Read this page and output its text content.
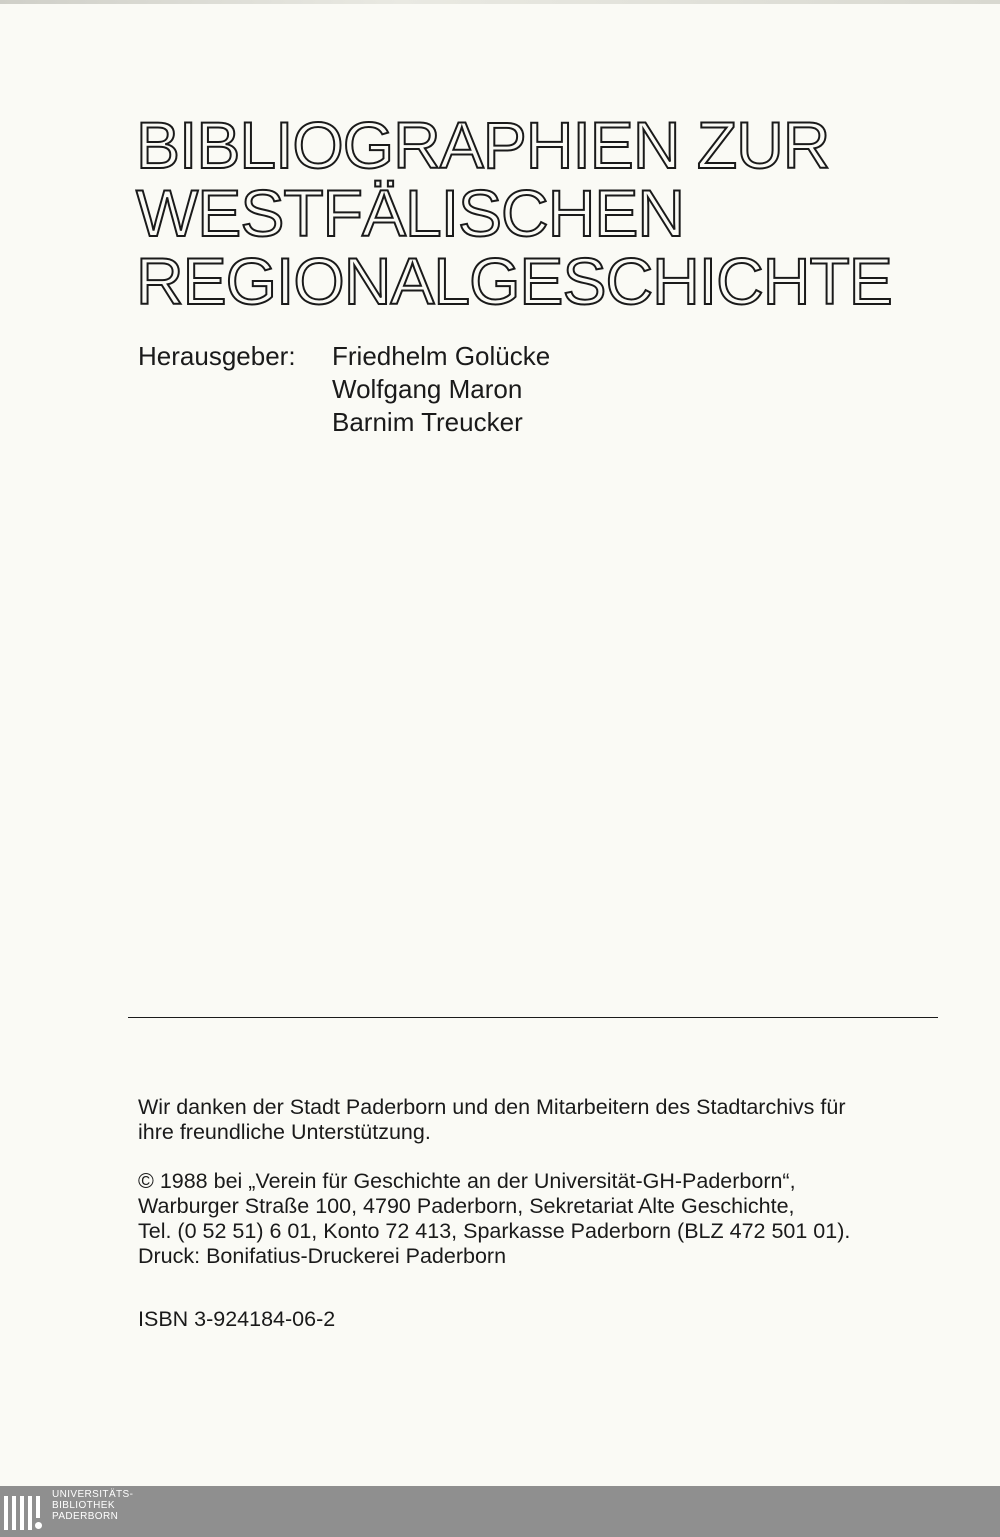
BIBLIOGRAPHIEN ZUR
WESTFÄLISCHEN
REGIONALGESCHICHTE
Herausgeber: Friedhelm Golücke
Wolfgang Maron
Barnim Treucker

Wir danken der Stadt Paderborn und den Mitarbeitern des Stadtarchivs für
ihre freundliche Unterstützung.

© 1988 bei „Verein für Geschichte an der Universität-GH-Paderborn“,
Warburger Straße 100, 4790 Paderborn, Sekretariat Alte Geschichte,
Tel. (0 52 51) 6 01, Konto 72 413, Sparkasse Paderborn (BLZ 472 501 01).
Druck: Bonifatius-Druckerei Paderborn

ISBN 3-924184-06-2

UNIVERSITÄTS-
BIBLIOTHEK
PADERBORN
